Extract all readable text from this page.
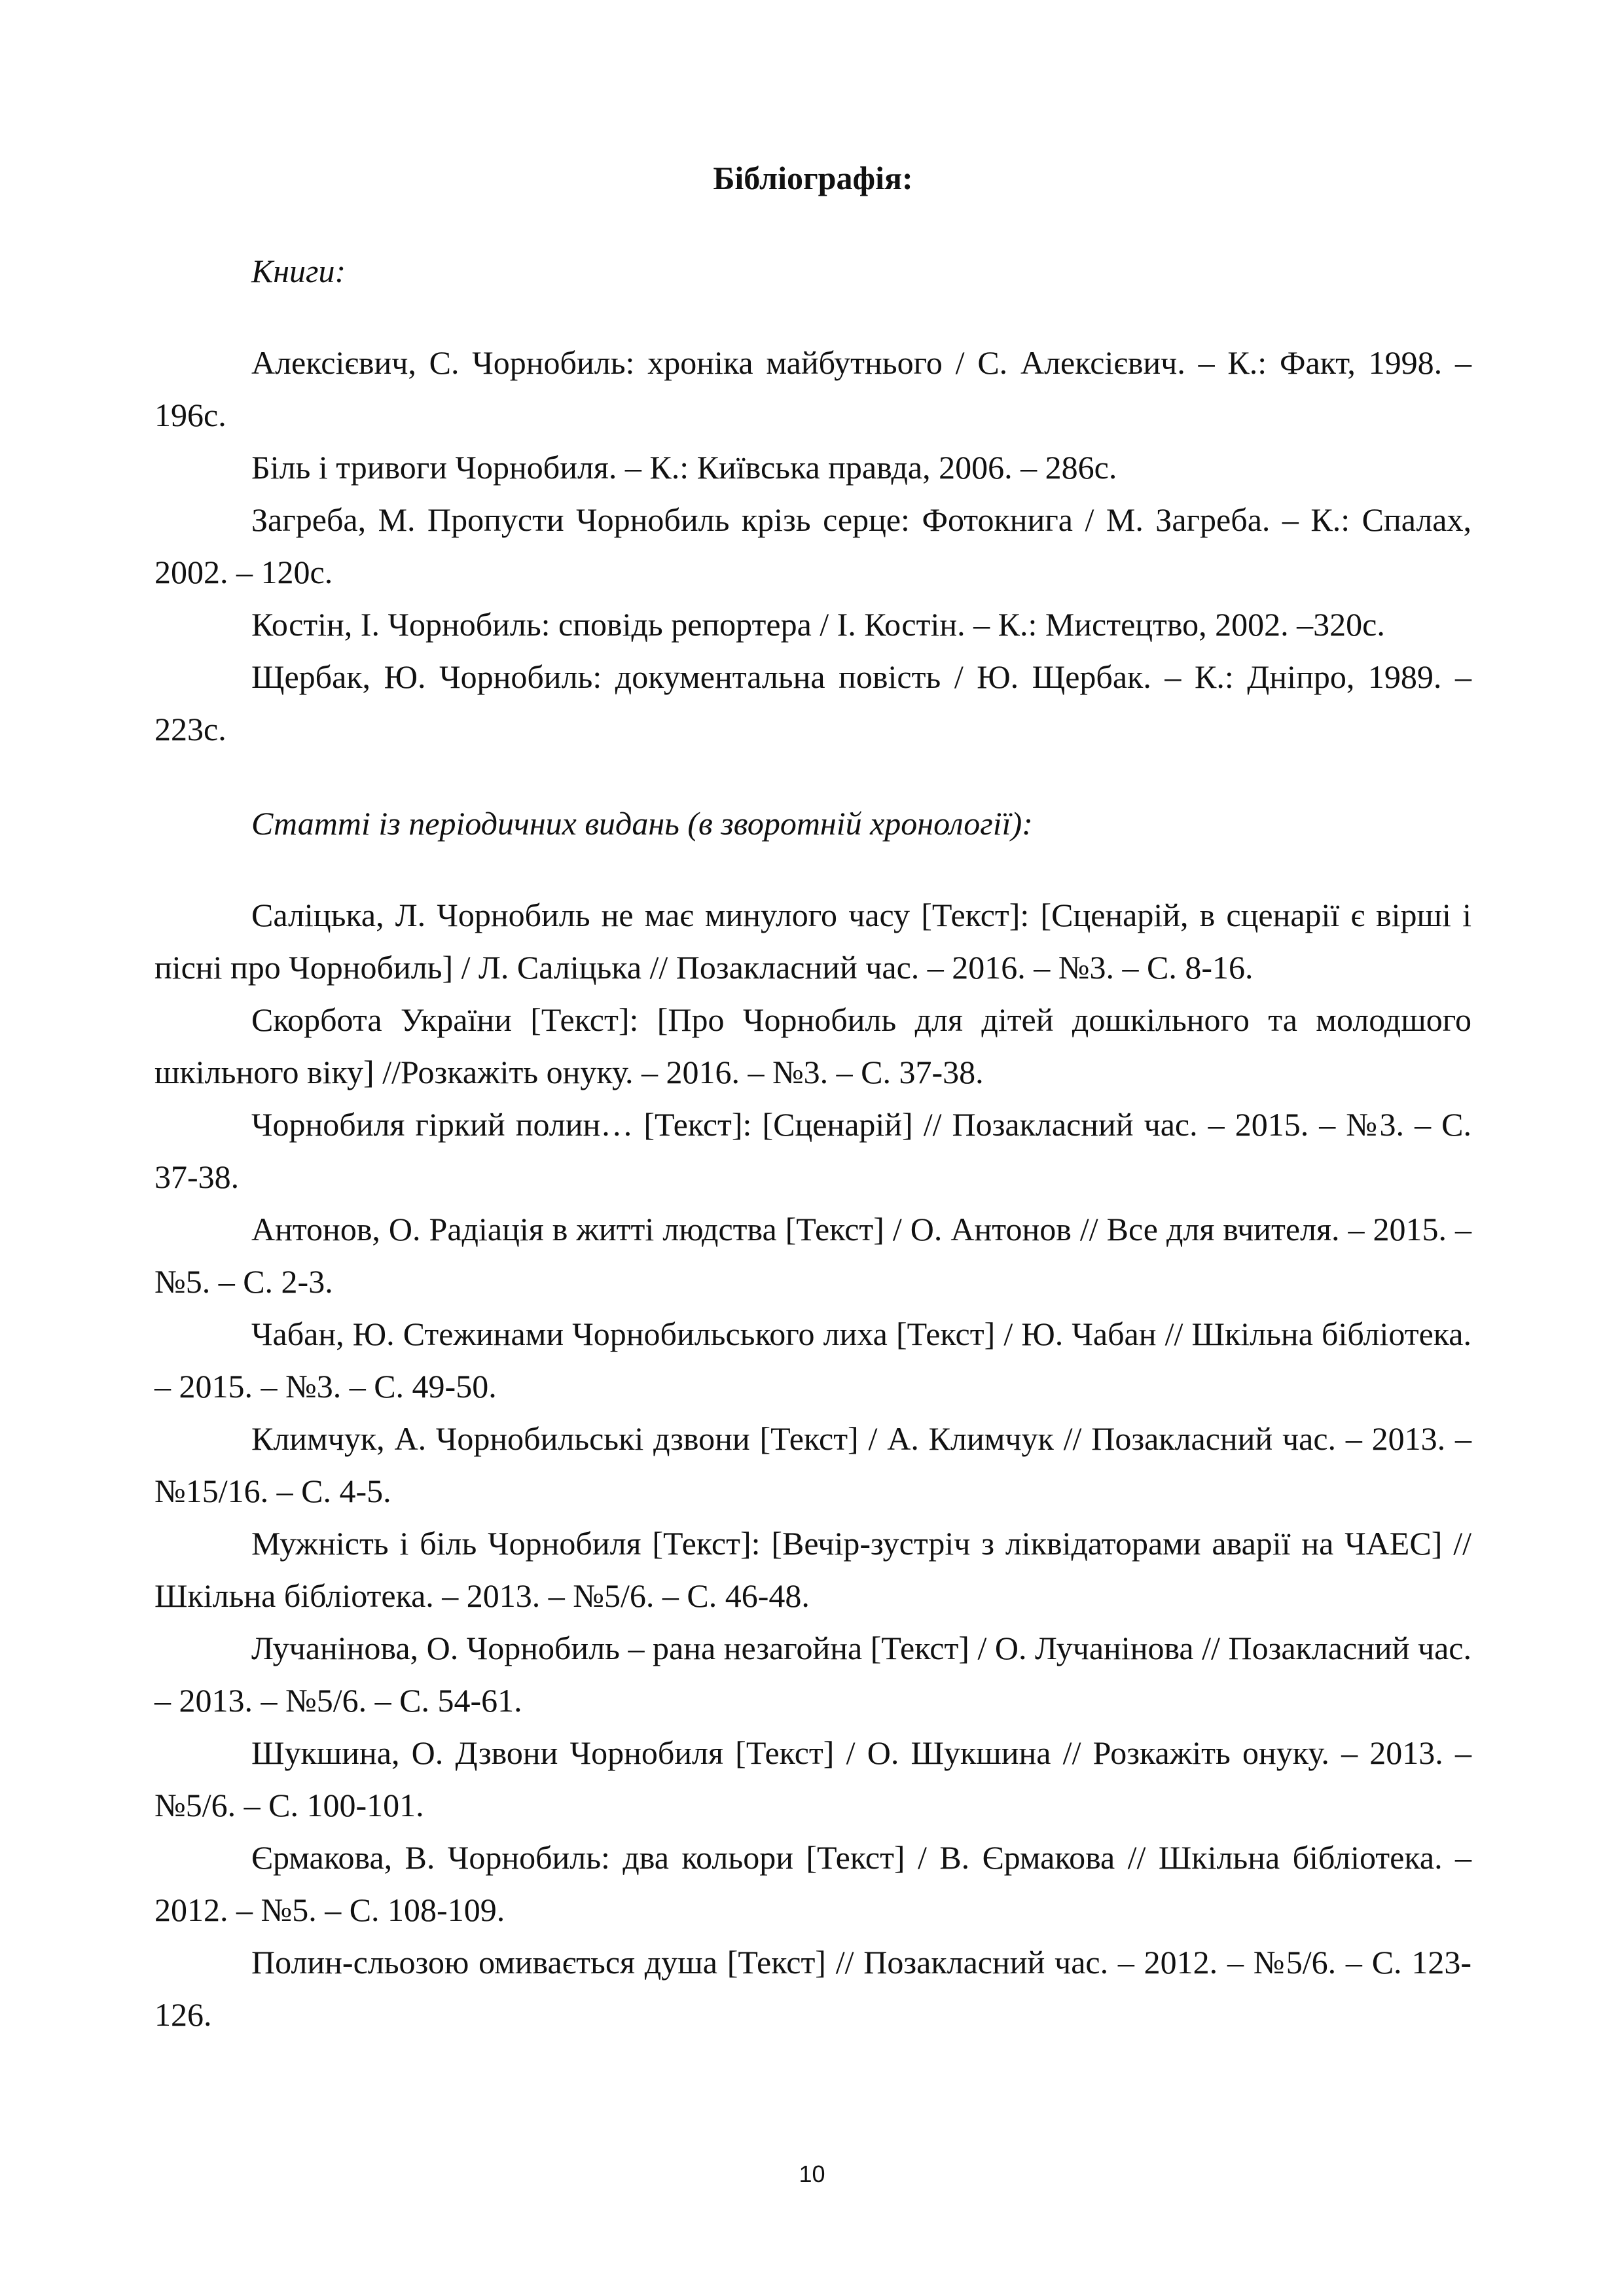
Бібліографія:

Книги:

Алексієвич, С. Чорнобиль: хроніка майбутнього / С. Алексієвич. – К.: Факт, 1998. – 196с.
Біль і тривоги Чорнобиля. – К.: Київська правда, 2006. – 286с.
Загреба, М. Пропусти Чорнобиль крізь серце: Фотокнига / М. Загреба. – К.: Спалах, 2002. – 120с.
Костін, І. Чорнобиль: сповідь репортера / І. Костін. – К.: Мистецтво, 2002. –320с.
Щербак, Ю. Чорнобиль: документальна повість / Ю. Щербак. – К.: Дніпро, 1989. – 223с.

Статті із періодичних видань (в зворотній хронології):

Саліцька, Л. Чорнобиль не має минулого часу [Текст]: [Сценарій, в сценарії є вірші і пісні про Чорнобиль] / Л. Саліцька // Позакласний час. – 2016. – №3. – С. 8-16.
Скорбота України [Текст]: [Про Чорнобиль для дітей дошкільного та молодшого шкільного віку] //Розкажіть онуку. – 2016. – №3. – С. 37-38.
Чорнобиля гіркий полин… [Текст]: [Сценарій] // Позакласний час. – 2015. – №3. – С. 37-38.
Антонов, О. Радіація в житті людства [Текст] / О. Антонов // Все для вчителя. – 2015. – №5. – С. 2-3.
Чабан, Ю. Стежинами Чорнобильського лиха [Текст] / Ю. Чабан // Шкільна бібліотека. – 2015. – №3. – С. 49-50.
Климчук, А. Чорнобильські дзвони [Текст] / А. Климчук // Позакласний час. – 2013. – №15/16. – С. 4-5.
Мужність і біль Чорнобиля [Текст]: [Вечір-зустріч з ліквідаторами аварії на ЧАЕС] // Шкільна бібліотека. – 2013. – №5/6. – С. 46-48.
Лучанінова, О. Чорнобиль – рана незагойна [Текст] / О. Лучанінова // Позакласний час. – 2013. – №5/6. – С. 54-61.
Шукшина, О. Дзвони Чорнобиля [Текст] / О. Шукшина // Розкажіть онуку. – 2013. – №5/6. – С. 100-101.
Єрмакова, В. Чорнобиль: два кольори [Текст] / В. Єрмакова // Шкільна бібліотека. – 2012. – №5. – С. 108-109.
Полин-сльозою омивається душа [Текст] // Позакласний час. – 2012. – №5/6. – С. 123-126.
10
